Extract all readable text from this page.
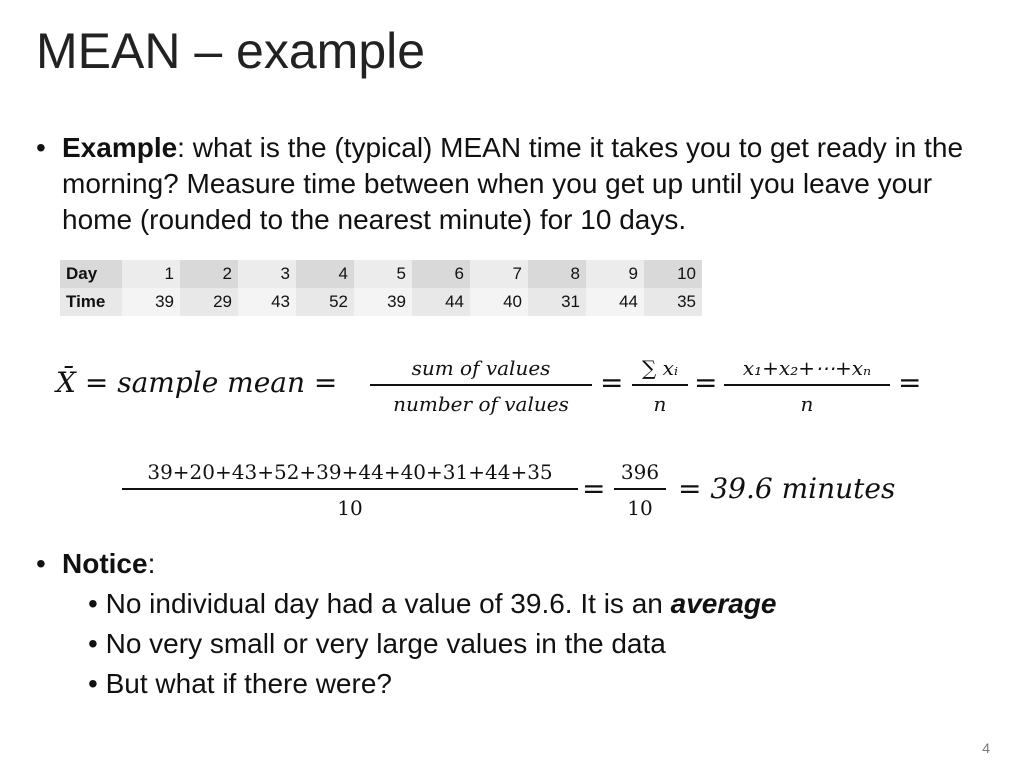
MEAN – example
• Example: what is the (typical) MEAN time it takes you to get ready in the morning? Measure time between when you get up until you leave your home (rounded to the nearest minute) for 10 days.
Day	1	2	3	4	5	6	7	8	9	10
Time	39	29	43	52	39	44	40	31	44	35
X̄ = sample mean =	sum of values
number of values
= $\frac{\text{∑ xᵢ}}{n} = \frac{\text{x₁+x₂+⋯+xₙ}}{n}$ =
$\frac{39+20+43+52+39+44+40+31+44+35}{10} = \frac{396}{10} = 39.6$ minutes
• Notice:
• No individual day had a value of 39.6. It is an average
• No very small or very large values in the data
• But what if there were?
4
